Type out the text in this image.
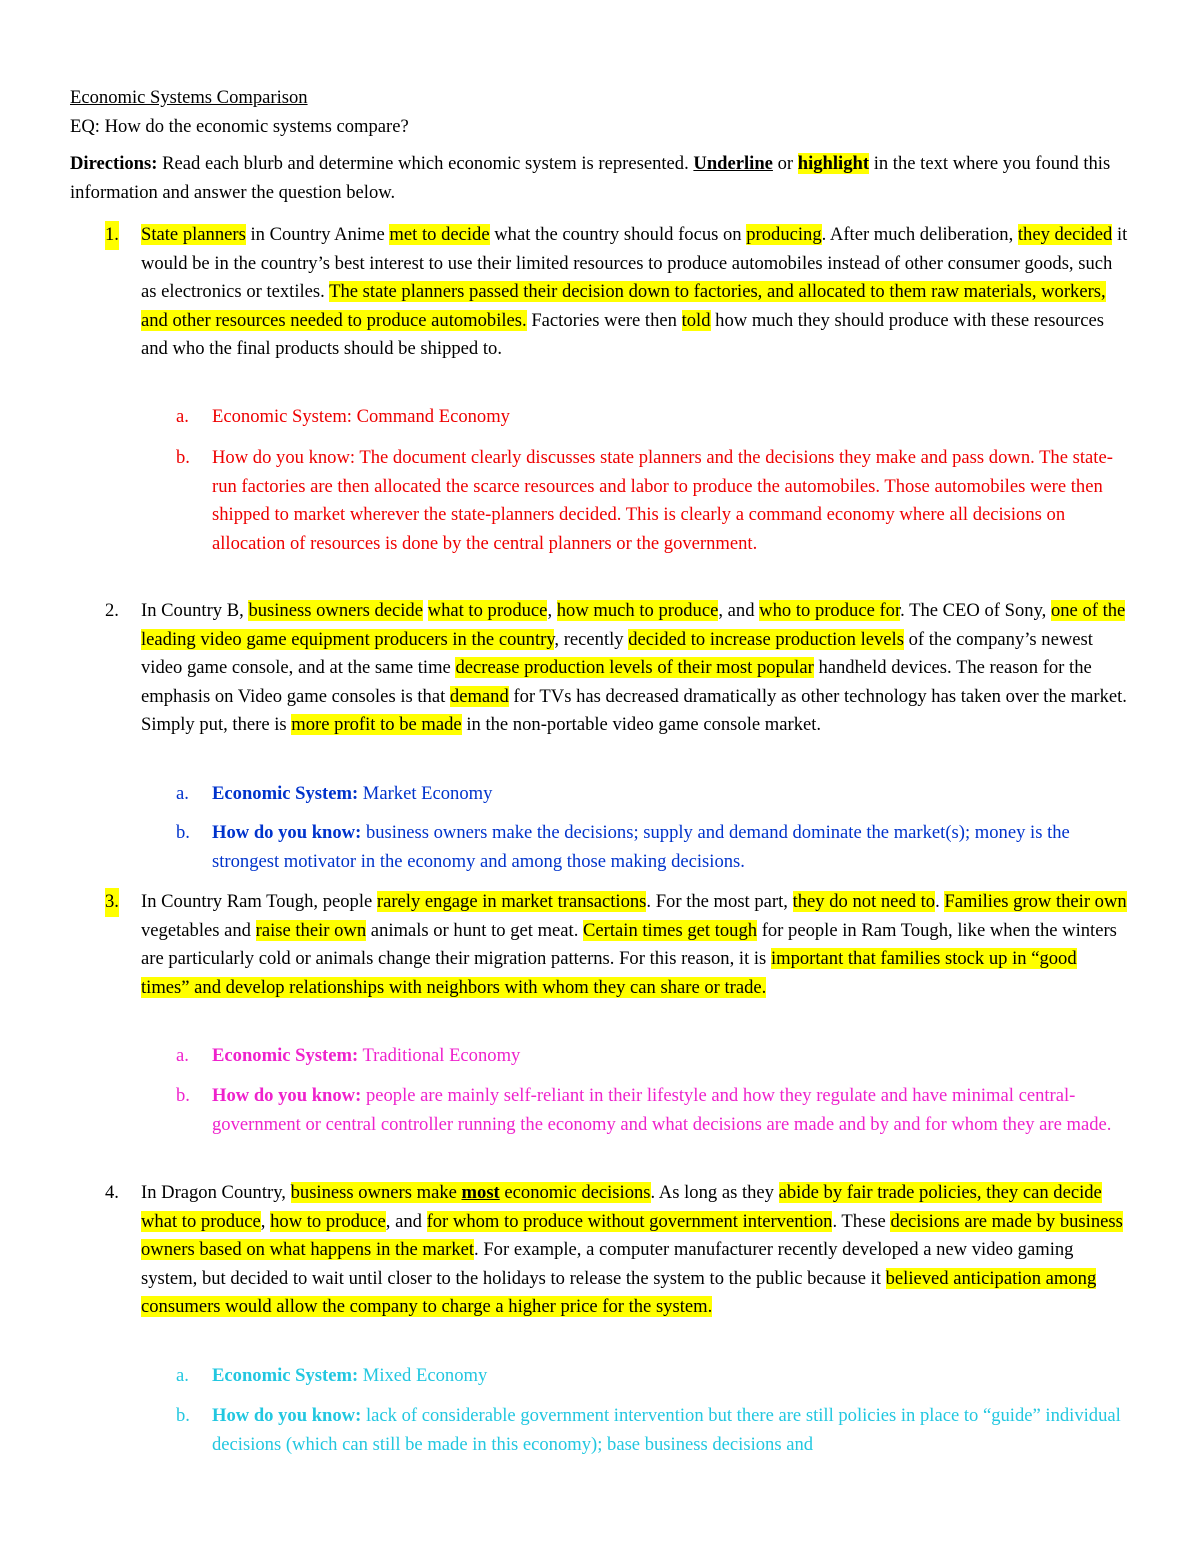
Economic Systems Comparison
EQ: How do the economic systems compare?
Directions: Read each blurb and determine which economic system is represented. Underline or highlight in the text where you found this information and answer the question below.
1. State planners in Country Anime met to decide what the country should focus on producing. After much deliberation, they decided it would be in the country’s best interest to use their limited resources to produce automobiles instead of other consumer goods, such as electronics or textiles. The state planners passed their decision down to factories, and allocated to them raw materials, workers, and other resources needed to produce automobiles. Factories were then told how much they should produce with these resources and who the final products should be shipped to.
a. Economic System: Command Economy
b. How do you know: The document clearly discusses state planners and the decisions they make and pass down. The state-run factories are then allocated the scarce resources and labor to produce the automobiles. Those automobiles were then shipped to market wherever the state-planners decided. This is clearly a command economy where all decisions on allocation of resources is done by the central planners or the government.
2. In Country B, business owners decide what to produce, how much to produce, and who to produce for. The CEO of Sony, one of the leading video game equipment producers in the country, recently decided to increase production levels of the company’s newest video game console, and at the same time decrease production levels of their most popular handheld devices. The reason for the emphasis on Video game consoles is that demand for TVs has decreased dramatically as other technology has taken over the market. Simply put, there is more profit to be made in the non-portable video game console market.
a. Economic System: Market Economy
b. How do you know: business owners make the decisions; supply and demand dominate the market(s); money is the strongest motivator in the economy and among those making decisions.
3. In Country Ram Tough, people rarely engage in market transactions. For the most part, they do not need to. Families grow their own vegetables and raise their own animals or hunt to get meat. Certain times get tough for people in Ram Tough, like when the winters are particularly cold or animals change their migration patterns. For this reason, it is important that families stock up in “good times” and develop relationships with neighbors with whom they can share or trade.
a. Economic System: Traditional Economy
b. How do you know: people are mainly self-reliant in their lifestyle and how they regulate and have minimal central-government or central controller running the economy and what decisions are made and by and for whom they are made.
4. In Dragon Country, business owners make most economic decisions. As long as they abide by fair trade policies, they can decide what to produce, how to produce, and for whom to produce without government intervention. These decisions are made by business owners based on what happens in the market. For example, a computer manufacturer recently developed a new video gaming system, but decided to wait until closer to the holidays to release the system to the public because it believed anticipation among consumers would allow the company to charge a higher price for the system.
a. Economic System: Mixed Economy
b. How do you know: lack of considerable government intervention but there are still policies in place to “guide” individual decisions (which can still be made in this economy); base business decisions and
